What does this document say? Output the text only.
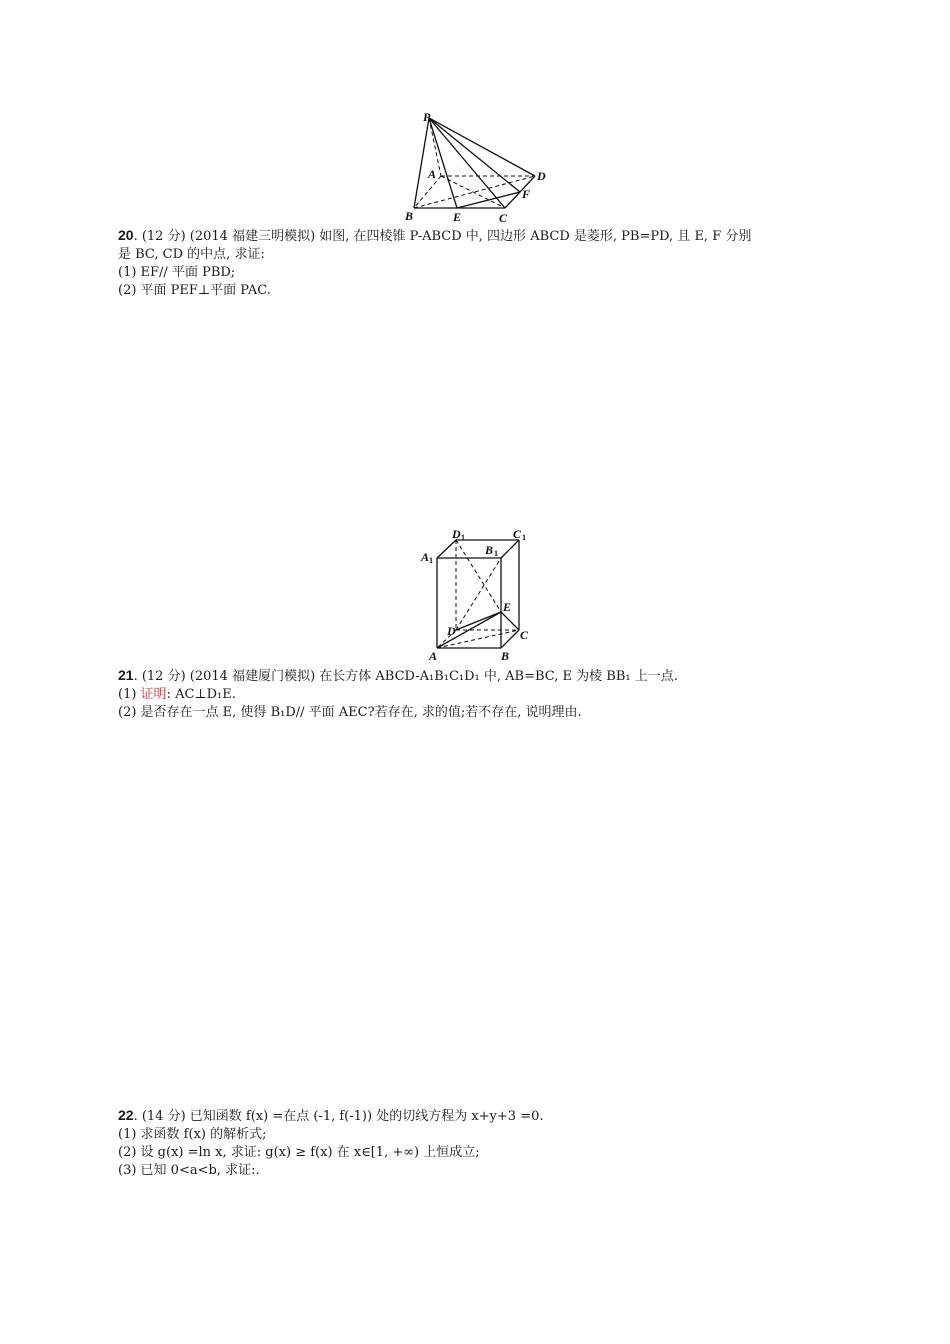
P
A
B	C
D
E
F

20. (12 分) (2014 福建三明模拟) 如图, 在四棱锥 P-ABCD 中, 四边形 ABCD 是菱形, PB=PD, 且 E, F 分别

是 BC, CD 的中点, 求证:

(1) EF// 平面 PBD;

(2) 平面 PEF⊥平面 PAC.

A 1
D 1
B 1
C 1
E
D	C
A	B

21. (12 分) (2014 福建厦门模拟) 在长方体 ABCD-A₁B₁C₁D₁ 中, AB=BC, E 为棱 BB₁ 上一点.

(1) 证明: AC⊥D₁E.

(2) 是否存在一点 E, 使得 B₁D// 平面 AEC?若存在, 求的值;若不存在, 说明理由.

22. (14 分) 已知函数 f(x) =在点 (-1, f(-1)) 处的切线方程为 x+y+3 =0.

(1) 求函数 f(x) 的解析式;

(2) 设 g(x) =ln x, 求证: g(x) ≥ f(x) 在 x∈[1, +∞) 上恒成立;

(3) 已知 0<a<b, 求证:.
